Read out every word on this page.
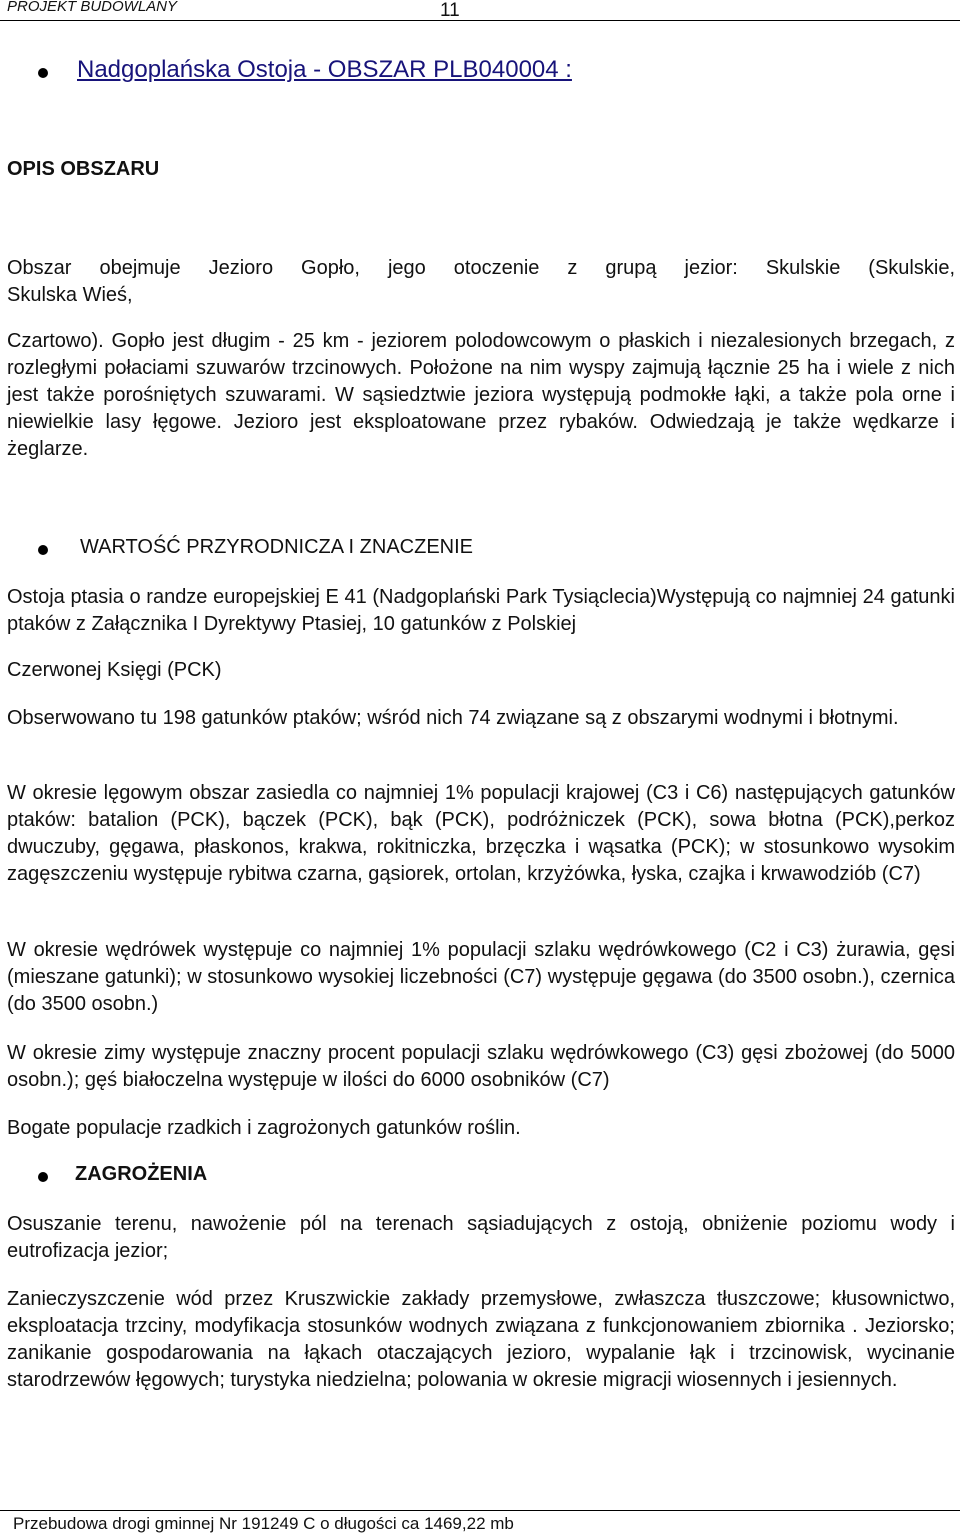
PROJEKT BUDOWLANY	11
Nadgoplańska Ostoja - OBSZAR PLB040004 :
OPIS OBSZARU
Obszar obejmuje Jezioro Gopło, jego otoczenie z grupą jezior: Skulskie (Skulskie,
Skulska Wieś,
Czartowo). Gopło jest długim - 25 km - jeziorem polodowcowym o płaskich i niezalesionych brzegach, z rozległymi połaciami szuwarów trzcinowych. Położone na nim wyspy zajmują łącznie 25 ha i wiele z nich jest także porośniętych szuwarami. W sąsiedztwie jeziora występują podmokłe łąki, a także pola orne i niewielkie lasy łęgowe. Jezioro jest eksploatowane przez rybaków. Odwiedzają je także wędkarze i żeglarze.
WARTOŚĆ PRZYRODNICZA I ZNACZENIE
Ostoja ptasia o randze europejskiej E 41 (Nadgoplański Park Tysiąclecia)Występują co najmniej 24 gatunki ptaków z Załącznika I Dyrektywy Ptasiej, 10 gatunków z Polskiej
Czerwonej Księgi (PCK)
Obserwowano tu 198 gatunków ptaków; wśród nich 74 związane są z obszarymi wodnymi i błotnymi.
W okresie lęgowym obszar zasiedla co najmniej 1% populacji krajowej (C3 i C6) następujących gatunków ptaków: batalion (PCK), bączek (PCK), bąk (PCK), podróżniczek (PCK), sowa błotna (PCK),perkoz dwuczuby, gęgawa, płaskonos, krakwa, rokitniczka, brzęczka i wąsatka (PCK); w stosunkowo wysokim zagęszczeniu występuje rybitwa czarna, gąsiorek, ortolan, krzyżówka, łyska, czajka i krwawodziób (C7)
W okresie wędrówek występuje co najmniej 1% populacji szlaku wędrówkowego (C2 i C3) żurawia, gęsi (mieszane gatunki); w stosunkowo wysokiej liczebności (C7) występuje gęgawa (do 3500 osobn.), czernica (do 3500 osobn.)
W okresie zimy występuje znaczny procent populacji szlaku wędrówkowego (C3) gęsi zbożowej (do 5000 osobn.); gęś białoczelna występuje w ilości do 6000 osobników (C7)
Bogate populacje rzadkich i zagrożonych gatunków roślin.
ZAGROŻENIA
Osuszanie terenu, nawożenie pól na terenach sąsiadujących z ostoją, obniżenie poziomu wody i eutrofizacja jezior;
Zanieczyszczenie wód przez Kruszwickie zakłady przemysłowe, zwłaszcza tłuszczowe; kłusownictwo, eksploatacja trzciny, modyfikacja stosunków wodnych związana z funkcjonowaniem zbiornika . Jeziorsko; zanikanie gospodarowania na łąkach otaczających jezioro, wypalanie łąk i trzcinowisk, wycinanie starodrzewów łęgowych; turystyka niedzielna; polowania w okresie migracji wiosennych i jesiennych.
Przebudowa drogi gminnej Nr 191249 C o długości ca 1469,22 mb
